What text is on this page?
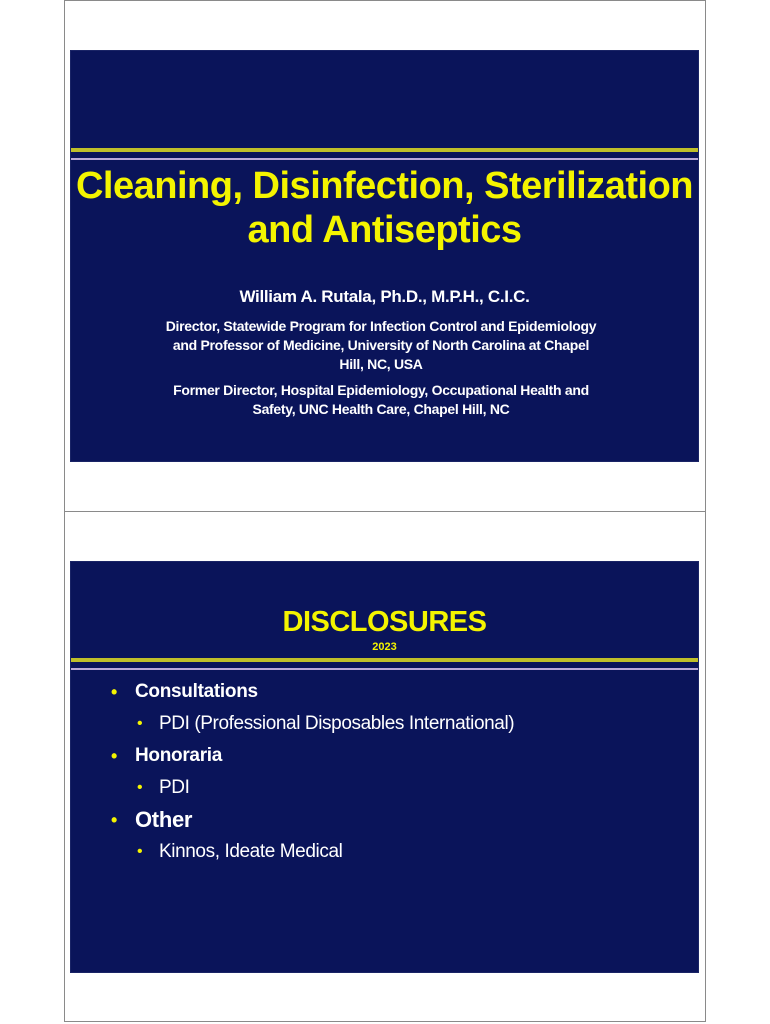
Cleaning, Disinfection, Sterilization
and Antiseptics
William A. Rutala, Ph.D., M.P.H., C.I.C.
Director, Statewide Program for Infection Control and Epidemiology
and Professor of Medicine, University of North Carolina at Chapel
Hill, NC, USA
Former Director, Hospital Epidemiology, Occupational Health and
Safety, UNC Health Care, Chapel Hill, NC
DISCLOSURES
2023
• Consultations
• PDI (Professional Disposables International)
• Honoraria
• PDI
• Other
• Kinnos, Ideate Medical
